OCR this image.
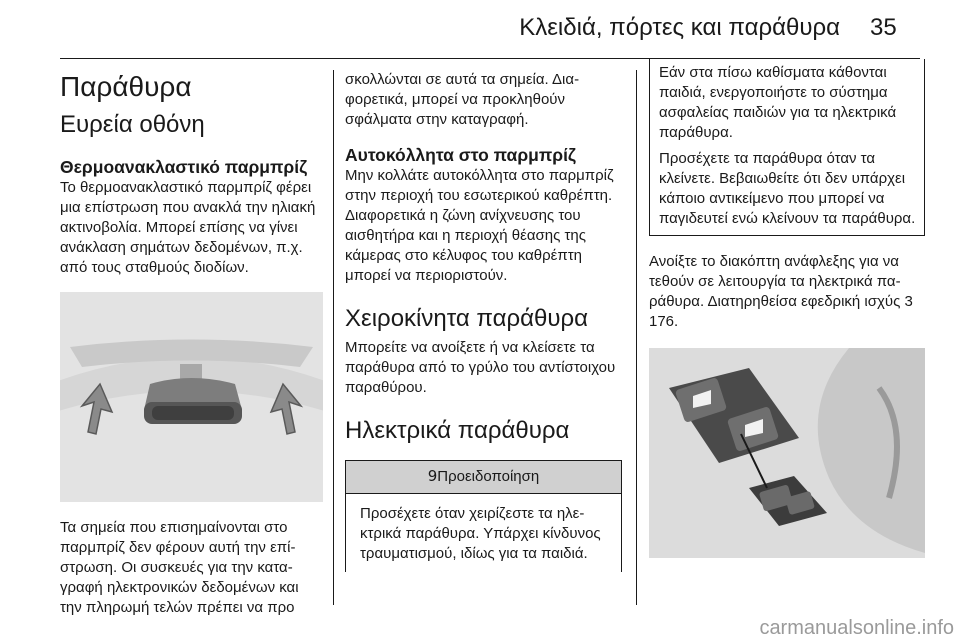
Κλειδιά, πόρτες και παράθυρα 35
Παράθυρα
Ευρεία οθόνη
Θερμοανακλαστικό παρμπρίζ
Το θερμοανακλαστικό παρμπρίζ φέρει μια επίστρωση που ανακλά την ηλιακή ακτινοβολία. Μπορεί επίσης να γίνει ανάκλαση σημάτων δεδομένων, π.χ. από τους σταθμούς διοδίων.
Τα σημεία που επισημαίνονται στο παρμπρίζ δεν φέρουν αυτή την επίστρωση. Οι συσκευές για την καταγραφή ηλεκτρονικών δεδομένων και την πληρωμή τελών πρέπει να προ
σκολλώνται σε αυτά τα σημεία. Διαφορετικά, μπορεί να προκληθούν σφάλματα στην καταγραφή.
Αυτοκόλλητα στο παρμπρίζ
Μην κολλάτε αυτοκόλλητα στο παρμπρίζ στην περιοχή του εσωτερικού καθρέπτη. Διαφορετικά η ζώνη ανίχνευσης του αισθητήρα και η περιοχή θέασης της κάμερας στο κέλυφος του καθρέπτη μπορεί να περιοριστούν.
Χειροκίνητα παράθυρα
Μπορείτε να ανοίξετε ή να κλείσετε τα παράθυρα από το γρύλο του αντίστοιχου παραθύρου.
Ηλεκτρικά παράθυρα
9Προειδοποίηση
Προσέχετε όταν χειρίζεστε τα ηλεκτρικά παράθυρα. Υπάρχει κίνδυνος τραυματισμού, ιδίως για τα παιδιά.
Εάν στα πίσω καθίσματα κάθονται παιδιά, ενεργοποιήστε το σύστημα ασφαλείας παιδιών για τα ηλεκτρικά παράθυρα.
Προσέχετε τα παράθυρα όταν τα κλείνετε. Βεβαιωθείτε ότι δεν υπάρχει κάποιο αντικείμενο που μπορεί να παγιδευτεί ενώ κλείνουν τα παράθυρα.
Ανοίξτε το διακόπτη ανάφλεξης για να τεθούν σε λειτουργία τα ηλεκτρικά παράθυρα. Διατηρηθείσα εφεδρική ισχύς 3 176.
carmanualsonline.info
